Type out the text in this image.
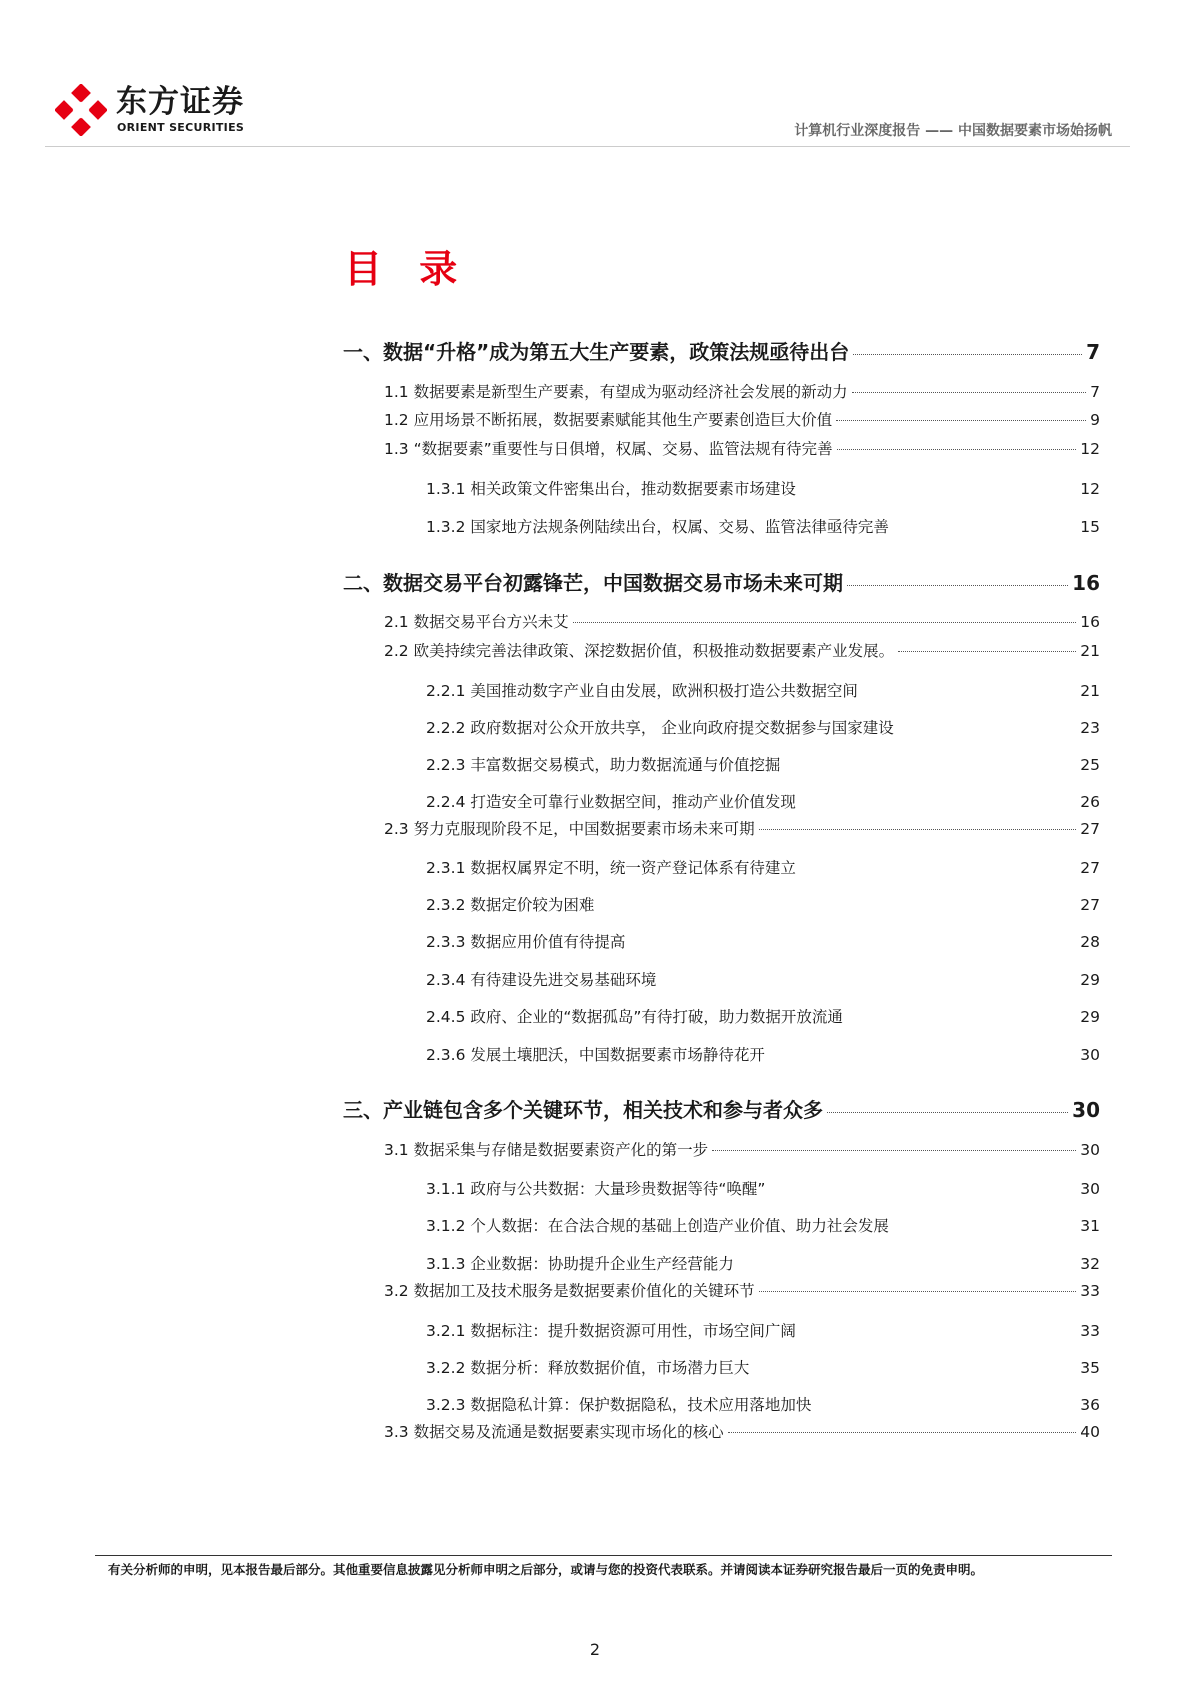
东方证券
ORIENT SECURITIES	计算机行业深度报告 —— 中国数据要素市场始扬帆
目 录
一、数据“升格”成为第五大生产要素，政策法规亟待出台	7
1.1 数据要素是新型生产要素，有望成为驱动经济社会发展的新动力	7
1.2 应用场景不断拓展，数据要素赋能其他生产要素创造巨大价值	9
1.3 “数据要素”重要性与日俱增，权属、交易、监管法规有待完善	12
1.3.1 相关政策文件密集出台，推动数据要素市场建设	12
1.3.2 国家地方法规条例陆续出台，权属、交易、监管法律亟待完善	15
二、数据交易平台初露锋芒，中国数据交易市场未来可期	16
2.1 数据交易平台方兴未艾	16
2.2 欧美持续完善法律政策、深挖数据价值，积极推动数据要素产业发展。	21
2.2.1 美国推动数字产业自由发展，欧洲积极打造公共数据空间	21
2.2.2 政府数据对公众开放共享， 企业向政府提交数据参与国家建设	23
2.2.3 丰富数据交易模式，助力数据流通与价值挖掘	25
2.2.4 打造安全可靠行业数据空间，推动产业价值发现	26
2.3 努力克服现阶段不足，中国数据要素市场未来可期	27
2.3.1 数据权属界定不明，统一资产登记体系有待建立	27
2.3.2 数据定价较为困难	27
2.3.3 数据应用价值有待提高	28
2.3.4 有待建设先进交易基础环境	29
2.4.5 政府、企业的“数据孤岛”有待打破，助力数据开放流通	29
2.3.6 发展土壤肥沃，中国数据要素市场静待花开	30
三、产业链包含多个关键环节，相关技术和参与者众多	30
3.1 数据采集与存储是数据要素资产化的第一步	30
3.1.1 政府与公共数据：大量珍贵数据等待“唤醒”	30
3.1.2 个人数据：在合法合规的基础上创造产业价值、助力社会发展	31
3.1.3 企业数据：协助提升企业生产经营能力	32
3.2 数据加工及技术服务是数据要素价值化的关键环节	33
3.2.1 数据标注：提升数据资源可用性，市场空间广阔	33
3.2.2 数据分析：释放数据价值，市场潜力巨大	35
3.2.3 数据隐私计算：保护数据隐私，技术应用落地加快	36
3.3 数据交易及流通是数据要素实现市场化的核心	40
有关分析师的申明，见本报告最后部分。其他重要信息披露见分析师申明之后部分，或请与您的投资代表联系。并请阅读本证券研究报告最后一页的免责申明。
2
